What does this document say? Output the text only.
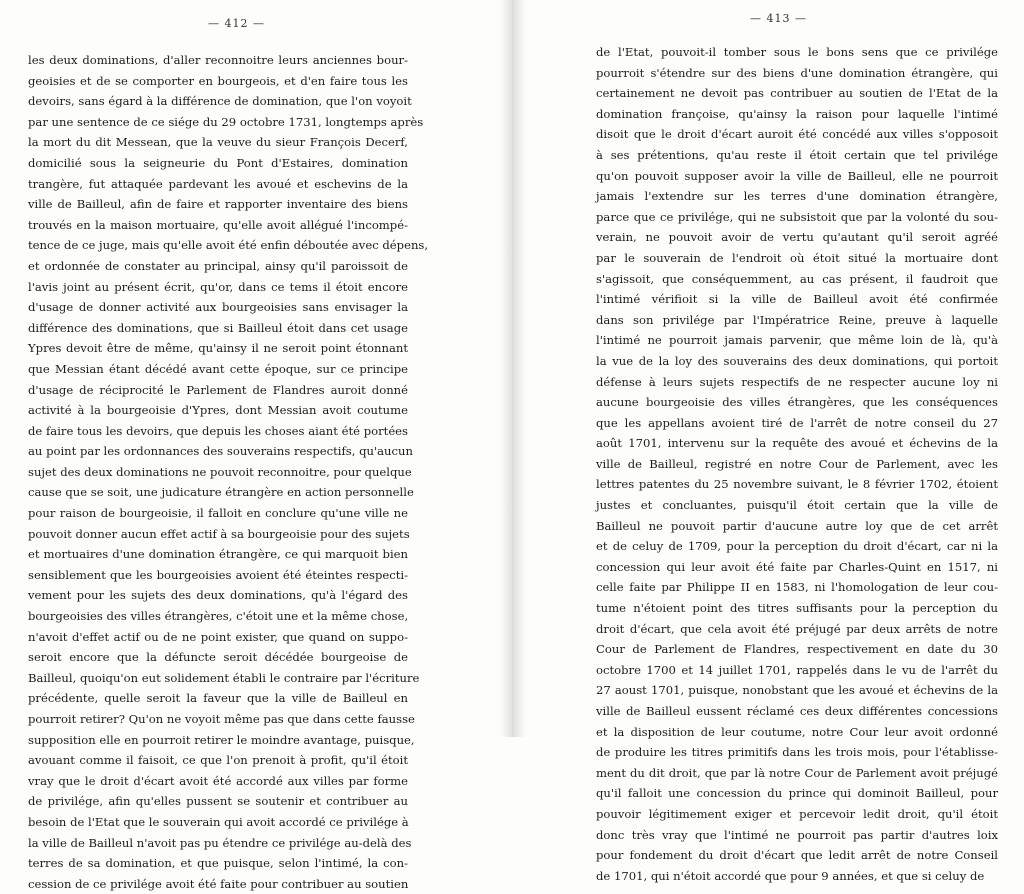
— 412 —
les deux dominations, d'aller reconnoitre leurs anciennes bour-
geoisies et de se comporter en bourgeois, et d'en faire tous les
devoirs, sans égard à la différence de domination, que l'on voyoit
par une sentence de ce siége du 29 octobre 1731, longtemps après
la mort du dit Messean, que la veuve du sieur François Decerf,
domicilié sous la seigneurie du Pont d'Estaires, domination
trangère, fut attaquée pardevant les avoué et eschevins de la
ville de Bailleul, afin de faire et rapporter inventaire des biens
trouvés en la maison mortuaire, qu'elle avoit allégué l'incompé-
tence de ce juge, mais qu'elle avoit été enfin déboutée avec dépens,
et ordonnée de constater au principal, ainsy qu'il paroissoit de
l'avis joint au présent écrit, qu'or, dans ce tems il étoit encore
d'usage de donner activité aux bourgeoisies sans envisager la
différence des dominations, que si Bailleul étoit dans cet usage
Ypres devoit être de même, qu'ainsy il ne seroit point étonnant
que Messian étant décédé avant cette époque, sur ce principe
d'usage de réciprocité le Parlement de Flandres auroit donné
activité à la bourgeoisie d'Ypres, dont Messian avoit coutume
de faire tous les devoirs, que depuis les choses aiant été portées
au point par les ordonnances des souverains respectifs, qu'aucun
sujet des deux dominations ne pouvoit reconnoitre, pour quelque
cause que se soit, une judicature étrangère en action personnelle
pour raison de bourgeoisie, il falloit en conclure qu'une ville ne
pouvoit donner aucun effet actif à sa bourgeoisie pour des sujets
et mortuaires d'une domination étrangère, ce qui marquoit bien
sensiblement que les bourgeoisies avoient été éteintes respecti-
vement pour les sujets des deux dominations, qu'à l'égard des
bourgeoisies des villes étrangères, c'étoit une et la même chose,
n'avoit d'effet actif ou de ne point exister, que quand on suppo-
seroit encore que la défuncte seroit décédée bourgeoise de
Bailleul, quoiqu'on eut solidement établi le contraire par l'écriture
précédente, quelle seroit la faveur que la ville de Bailleul en
pourroit retirer? Qu'on ne voyoit même pas que dans cette fausse
supposition elle en pourroit retirer le moindre avantage, puisque,
avouant comme il faisoit, ce que l'on prenoit à profit, qu'il étoit
vray que le droit d'écart avoit été accordé aux villes par forme
de privilége, afin qu'elles pussent se soutenir et contribuer au
besoin de l'Etat que le souverain qui avoit accordé ce privilége à
la ville de Bailleul n'avoit pas pu étendre ce privilége au-delà des
terres de sa domination, et que puisque, selon l'intimé, la con-
cession de ce privilége avoit été faite pour contribuer au soutien
— 413 —
de l'Etat, pouvoit-il tomber sous le bons sens que ce privilége
pourroit s'étendre sur des biens d'une domination étrangère, qui
certainement ne devoit pas contribuer au soutien de l'Etat de la
domination françoise, qu'ainsy la raison pour laquelle l'intimé
disoit que le droit d'écart auroit été concédé aux villes s'opposoit
à ses prétentions, qu'au reste il étoit certain que tel privilége
qu'on pouvoit supposer avoir la ville de Bailleul, elle ne pourroit
jamais l'extendre sur les terres d'une domination étrangère,
parce que ce privilége, qui ne subsistoit que par la volonté du sou-
verain, ne pouvoit avoir de vertu qu'autant qu'il seroit agréé
par le souverain de l'endroit où étoit situé la mortuaire dont
s'agissoit, que conséquemment, au cas présent, il faudroit que
l'intimé vérifioit si la ville de Bailleul avoit été confirmée
dans son privilége par l'Impératrice Reine, preuve à laquelle
l'intimé ne pourroit jamais parvenir, que même loin de là, qu'à
la vue de la loy des souverains des deux dominations, qui portoit
défense à leurs sujets respectifs de ne respecter aucune loy ni
aucune bourgeoisie des villes étrangères, que les conséquences
que les appellans avoient tiré de l'arrêt de notre conseil du 27
août 1701, intervenu sur la requête des avoué et échevins de la
ville de Bailleul, registré en notre Cour de Parlement, avec les
lettres patentes du 25 novembre suivant, le 8 février 1702, étoient
justes et concluantes, puisqu'il étoit certain que la ville de
Bailleul ne pouvoit partir d'aucune autre loy que de cet arrêt
et de celuy de 1709, pour la perception du droit d'écart, car ni la
concession qui leur avoit été faite par Charles-Quint en 1517, ni
celle faite par Philippe II en 1583, ni l'homologation de leur cou-
tume n'étoient point des titres suffisants pour la perception du
droit d'écart, que cela avoit été préjugé par deux arrêts de notre
Cour de Parlement de Flandres, respectivement en date du 30
octobre 1700 et 14 juillet 1701, rappelés dans le vu de l'arrêt du
27 aoust 1701, puisque, nonobstant que les avoué et échevins de la
ville de Bailleul eussent réclamé ces deux différentes concessions
et la disposition de leur coutume, notre Cour leur avoit ordonné
de produire les titres primitifs dans les trois mois, pour l'établisse-
ment du dit droit, que par là notre Cour de Parlement avoit préjugé
qu'il falloit une concession du prince qui dominoit Bailleul, pour
pouvoir légitimement exiger et percevoir ledit droit, qu'il étoit
donc très vray que l'intimé ne pourroit pas partir d'autres loix
pour fondement du droit d'écart que ledit arrêt de notre Conseil
de 1701, qui n'étoit accordé que pour 9 années, et que si celuy de
